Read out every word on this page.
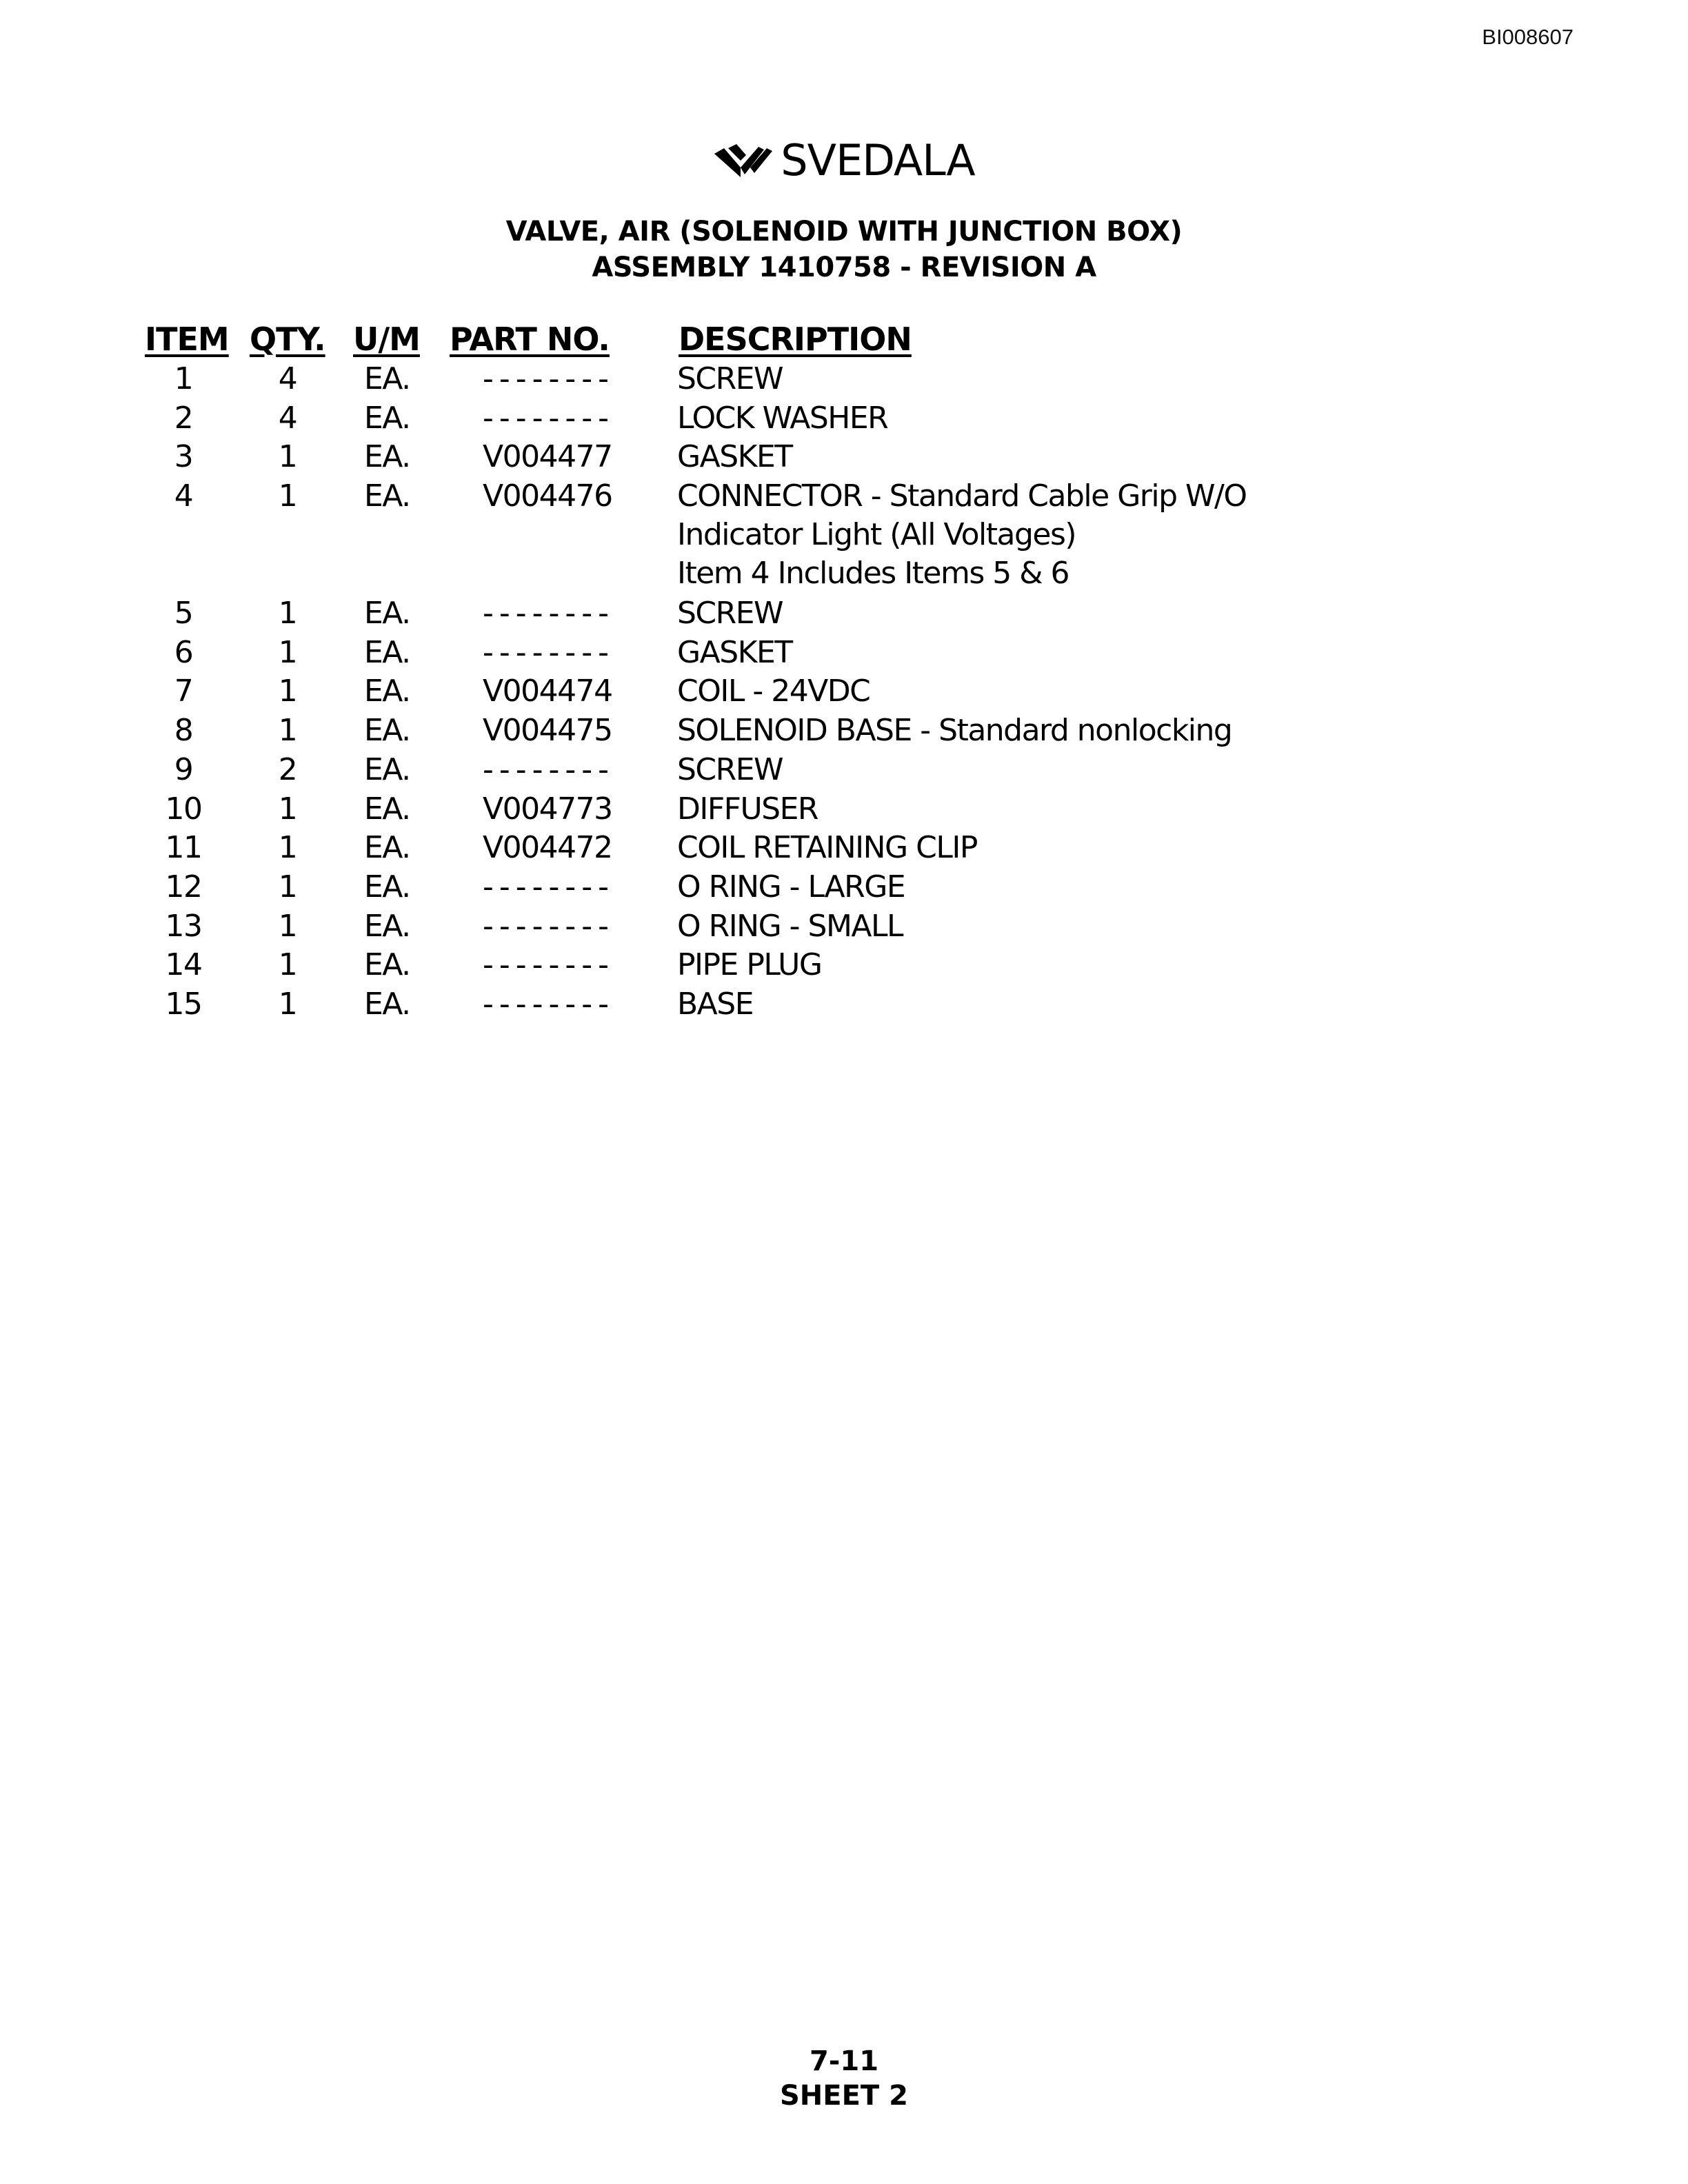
BI008607
SVEDALA
VALVE, AIR (SOLENOID WITH JUNCTION BOX)
ASSEMBLY 1410758 - REVISION A
ITEM QTY. U/M PART NO. DESCRIPTION
1	4	EA. -------- SCREW
2	4	EA. -------- LOCK WASHER
3	1	EA. V004477 GASKET
4	1	EA. V004476 CONNECTOR - Standard Cable Grip W/O
Indicator Light (All Voltages)
Item 4 Includes Items 5 & 6
5	1	EA. -------- SCREW
6	1	EA. -------- GASKET
7	1	EA. V004474 COIL - 24VDC
8	1	EA. V004475 SOLENOID BASE - Standard nonlocking
9	2	EA. -------- SCREW
10	1	EA. V004773 DIFFUSER
11	1	EA. V004472 COIL RETAINING CLIP
12	1	EA. -------- O RING - LARGE
13	1	EA. -------- O RING - SMALL
14	1	EA. -------- PIPE PLUG
15	1	EA. -------- BASE
7-11
SHEET 2
